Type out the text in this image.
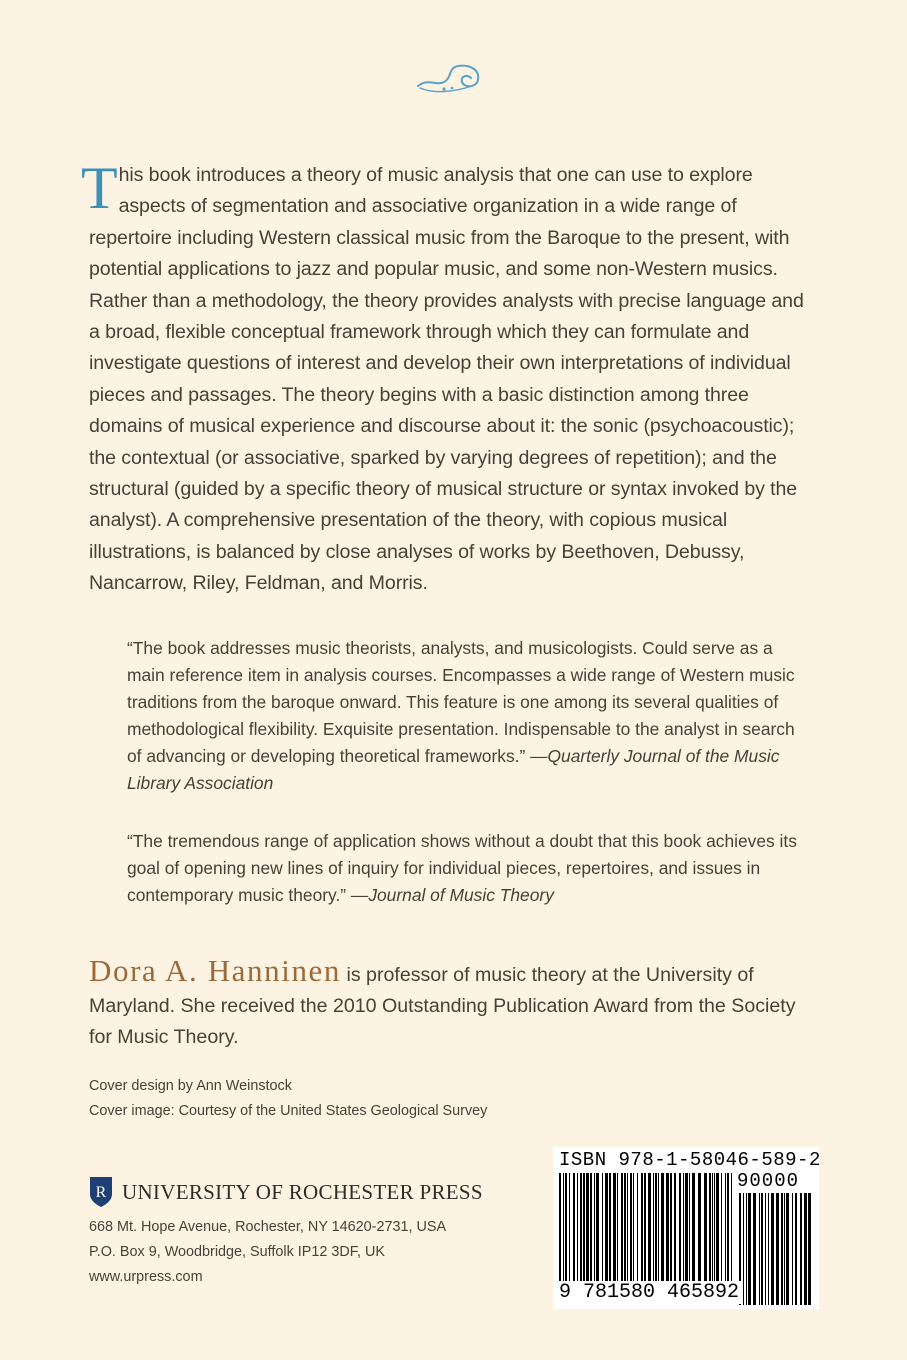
This book introduces a theory of music analysis that one can use to explore aspects of segmentation and associative organization in a wide range of repertoire including Western classical music from the Baroque to the present, with potential applications to jazz and popular music, and some non-Western musics. Rather than a methodology, the theory provides analysts with precise language and a broad, flexible conceptual framework through which they can formulate and investigate questions of interest and develop their own interpretations of individual pieces and passages. The theory begins with a basic distinction among three domains of musical experience and discourse about it: the sonic (psychoacoustic); the contextual (or associative, sparked by varying degrees of repetition); and the structural (guided by a specific theory of musical structure or syntax invoked by the analyst). A comprehensive presentation of the theory, with copious musical illustrations, is balanced by close analyses of works by Beethoven, Debussy, Nancarrow, Riley, Feldman, and Morris.

“The book addresses music theorists, analysts, and musicologists. Could serve as a main reference item in analysis courses. Encompasses a wide range of Western music traditions from the baroque onward. This feature is one among its several qualities of methodological flexibility. Exquisite presentation. Indispensable to the analyst in search of advancing or developing theoretical frameworks.” —Quarterly Journal of the Music Library Association

“The tremendous range of application shows without a doubt that this book achieves its goal of opening new lines of inquiry for individual pieces, repertoires, and issues in contemporary music theory.” —Journal of Music Theory

Dora A. Hanninen is professor of music theory at the University of Maryland. She received the 2010 Outstanding Publication Award from the Society for Music Theory.

Cover design by Ann Weinstock
Cover image: Courtesy of the United States Geological Survey

R UNIVERSITY OF ROCHESTER PRESS

668 Mt. Hope Avenue, Rochester, NY 14620-2731, USA
P.O. Box 9, Woodbridge, Suffolk IP12 3DF, UK
www.urpress.com

ISBN 978-1-58046-589-2
90000
9 781580 465892
